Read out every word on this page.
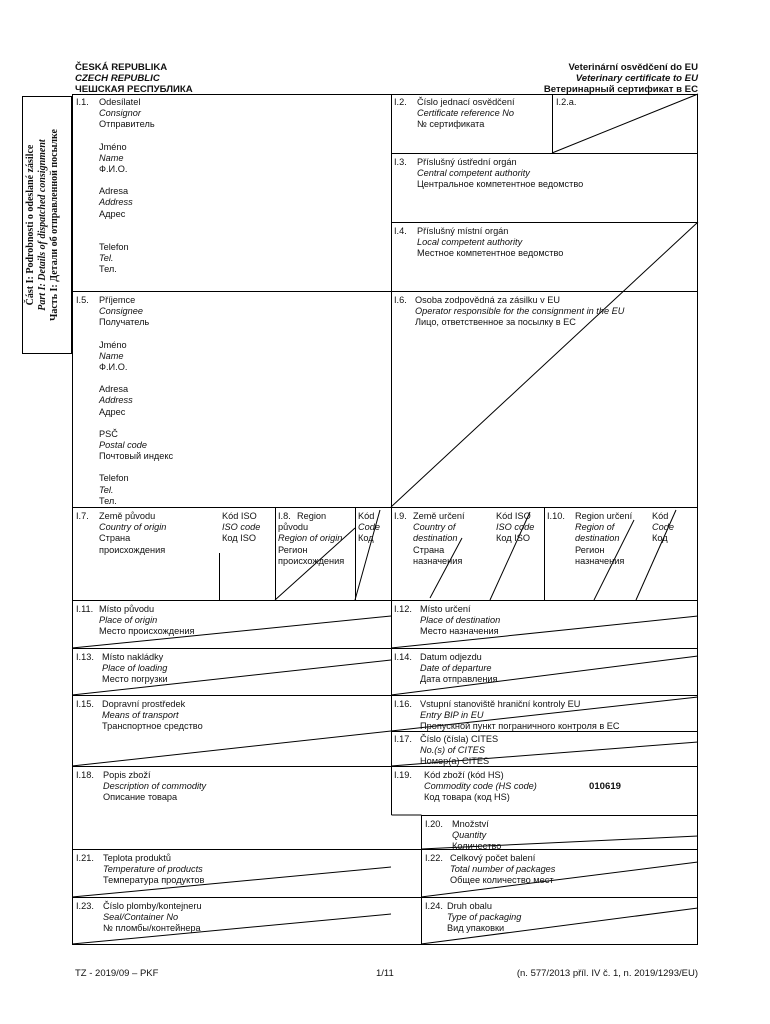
ČESKÁ REPUBLIKA
CZECH REPUBLIC
ЧЕШСКАЯ РЕСПУБЛИКА
Veterinární osvědčení do EU
Veterinary certificate to EU
Ветеринарный сертификат в ЕС
Část I: Podrobnosti o odeslané zásilce Part I: Details of dispatched consignment Часть I: Детали об отправленной посылке
I.1. Odesílatel
Consignor
Отправитель
Jméno
Name
Ф.И.О.
Adresa
Address
Адрес
Telefon
Tel.
Тел.
I.2. Číslo jednací osvědčení
Certificate reference No
№ сертификата
I.2.a.
I.3. Příslušný ústřední orgán
Central competent authority
Центральное компетентное ведомство
I.4. Příslušný místní orgán
Local competent authority
Местное компетентное ведомство
I.5. Příjemce
Consignee
Получатель
Jméno
Name
Ф.И.О.
Adresa
Address
Адрес
PSČ
Postal code
Почтовый индекс
Telefon
Tel.
Тел.
I.6. Osoba zodpovědná za zásilku v EU
Operator responsible for the consignment in the EU
Лицо, ответственное за посылку в ЕС
I.7. Země původu
Country of origin
Страна
происхождения
Kód ISO
ISO code
Код ISO
I.8. Region
původu
Region of origin
Регион
происхождения
Kód
Code
Код
I.9. Země určení
Country of
destination
Страна
назначения
Kód ISO
ISO code
Код ISO
I.10. Region určení
Region of
destination
Регион
назначения
Kód
Code
Код
I.11. Místo původu
Place of origin
Место происхождения
I.12. Místo určení
Place of destination
Место назначения
I.13. Místo nakládky
Place of loading
Место погрузки
I.14. Datum odjezdu
Date of departure
Дата отправления
I.15. Dopravní prostředek
Means of transport
Транспортное средство
I.16. Vstupní stanoviště hraniční kontroly EU
Entry BIP in EU
Пропускной пункт пограничного контроля в ЕС
I.17. Číslo (čísla) CITES
No.(s) of CITES
Номер(а) CITES
I.18. Popis zboží
Description of commodity
Описание товара
I.19. Kód zboží (kód HS)
Commodity code (HS code)
Код товара (код HS)
010619
I.20. Množství
Quantity
Количество
I.21. Teplota produktů
Temperature of products
Температура продуктов
I.22. Celkový počet balení
Total number of packages
Общее количество мест
I.23. Číslo plomby/kontejneru
Seal/Container No
№ пломбы/контейнера
I.24. Druh obalu
Type of packaging
Вид упаковки
TZ - 2019/09 – PKF	1/11	(n. 577/2013 příl. IV č. 1, n. 2019/1293/EU)
